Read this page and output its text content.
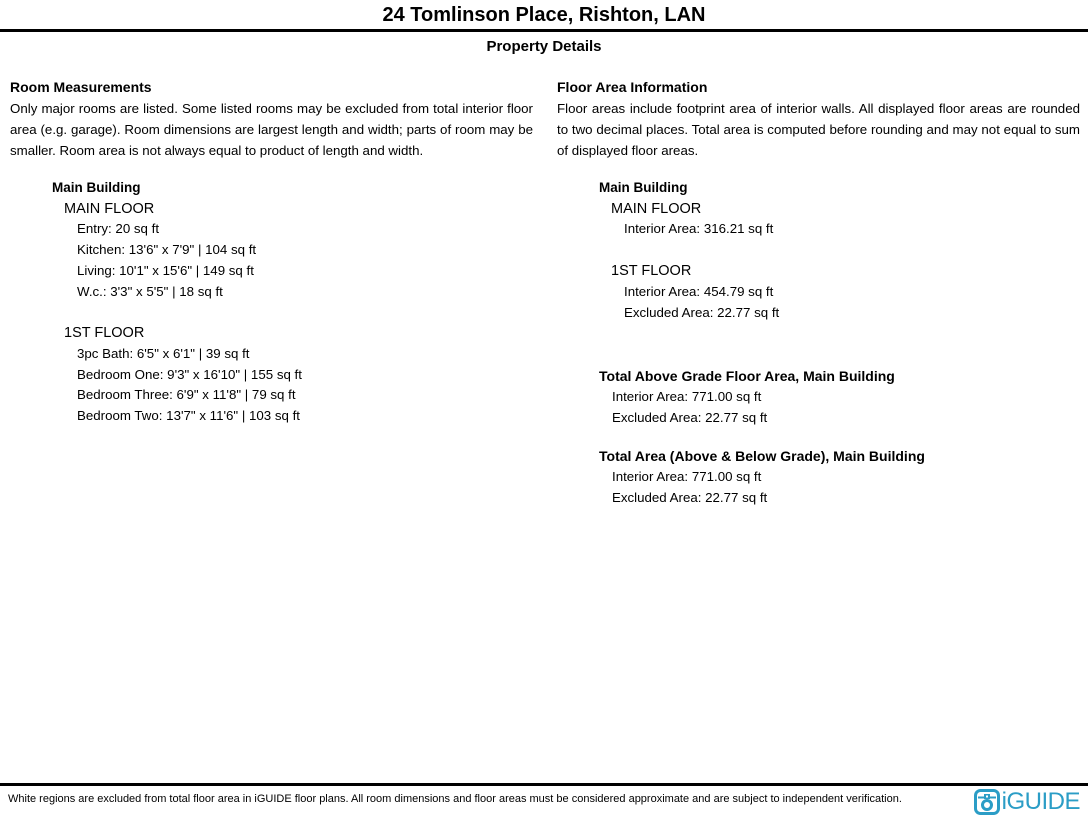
24 Tomlinson Place, Rishton, LAN
Property Details
Room Measurements

Only major rooms are listed. Some listed rooms may be excluded from total interior floor area (e.g. garage). Room dimensions are largest length and width; parts of room may be smaller. Room area is not always equal to product of length and width.

Main Building
MAIN FLOOR
Entry: 20 sq ft
Kitchen: 13'6" x 7'9" | 104 sq ft
Living: 10'1" x 15'6" | 149 sq ft
W.c.: 3'3" x 5'5" | 18 sq ft
1ST FLOOR
3pc Bath: 6'5" x 6'1" | 39 sq ft
Bedroom One: 9'3" x 16'10" | 155 sq ft
Bedroom Three: 6'9" x 11'8" | 79 sq ft
Bedroom Two: 13'7" x 11'6" | 103 sq ft
Floor Area Information

Floor areas include footprint area of interior walls. All displayed floor areas are rounded to two decimal places. Total area is computed before rounding and may not equal to sum of displayed floor areas.

Main Building
MAIN FLOOR
Interior Area: 316.21 sq ft
1ST FLOOR
Interior Area: 454.79 sq ft
Excluded Area: 22.77 sq ft
Total Above Grade Floor Area, Main Building
Interior Area: 771.00 sq ft
Excluded Area: 22.77 sq ft
Total Area (Above & Below Grade), Main Building
Interior Area: 771.00 sq ft
Excluded Area: 22.77 sq ft
White regions are excluded from total floor area in iGUIDE floor plans. All room dimensions and floor areas must be considered approximate and are subject to independent verification.	iGUIDE
